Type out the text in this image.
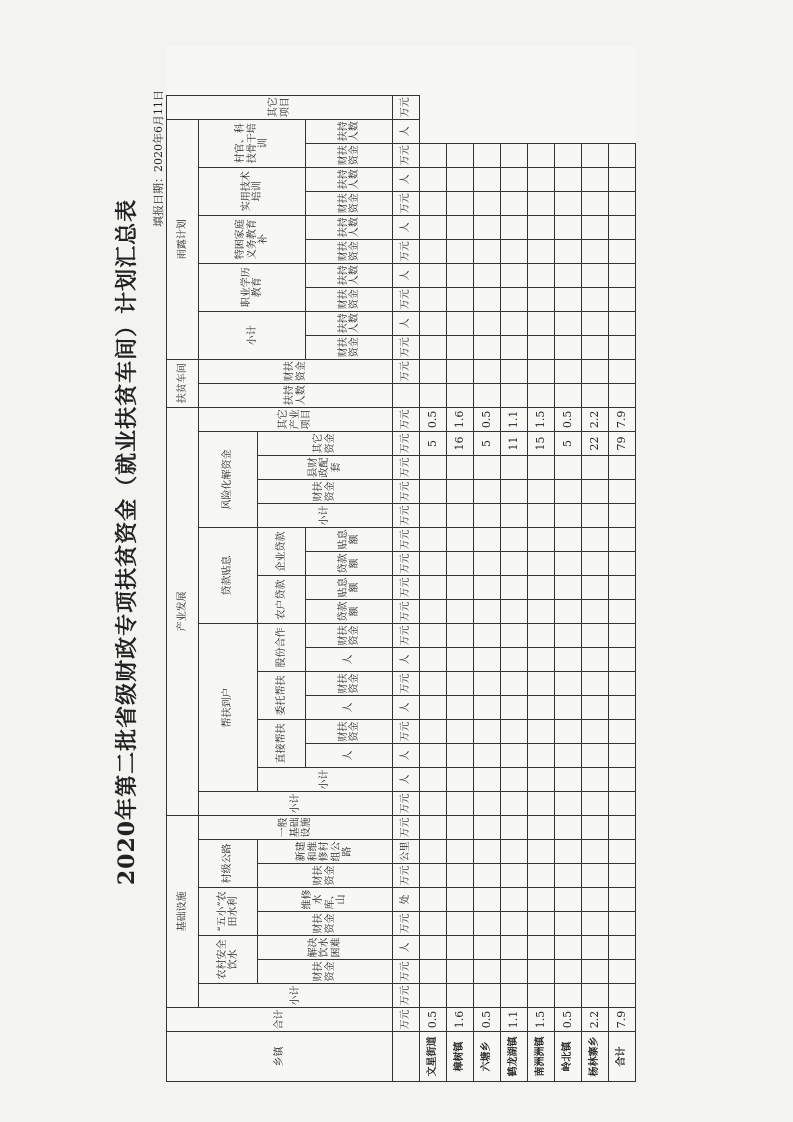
2020年第二批省级财政专项扶贫资金（就业扶贫车间）计划汇总表
填报日期：2020年6月11日
乡镇	合计	基础设施								产业发展																	扶贫车间		雨露计划										其它项目
		小计	农村安全饮水		“五小”农田水利		村级公路		一般基础设施	小计	帮扶到户							贷款贴息				风险化解资金				其它产业项目	扶持人数	财扶资金	小计		职业学历教育		特困家庭义务教育补		实用技术培训		村官、科技骨干培训		
			财扶资金	解决饮水困难	财扶资金	维修水库、山	财扶资金	新建和维修村组公路			小计	直接帮扶		委托帮扶		股份合作		农户贷款		企业贷款		小计	财扶资金	县财政配套	其它资金														
												人	财扶资金	人	财扶资金	人	财扶资金	贷款额	贴息额	贷款额	贴息额								财扶资金	扶持人数	财扶资金	扶持人数	财扶资金	扶持人数	财扶资金	扶持人数	财扶资金	扶持人数	
	万元	万元	万元	人	万元	处	万元	公里	万元	万元	人	人	万元	人	万元	人	万元	万元	万元	万元	万元	万元	万元	万元	万元	万元		万元	万元	人	万元	人	万元	人	万元	人	万元	人	万元
文星街道	0.5																								5	0.5													
樟树镇	1.6																								16	1.6													
六塘乡	0.5																								5	0.5													
鹤龙湖镇	1.1																								11	1.1													
南洲洲镇	1.5																								15	1.5													
岭北镇	0.5																								5	0.5													
杨林寨乡	2.2																								22	2.2													
合计	7.9																								79	7.9													
